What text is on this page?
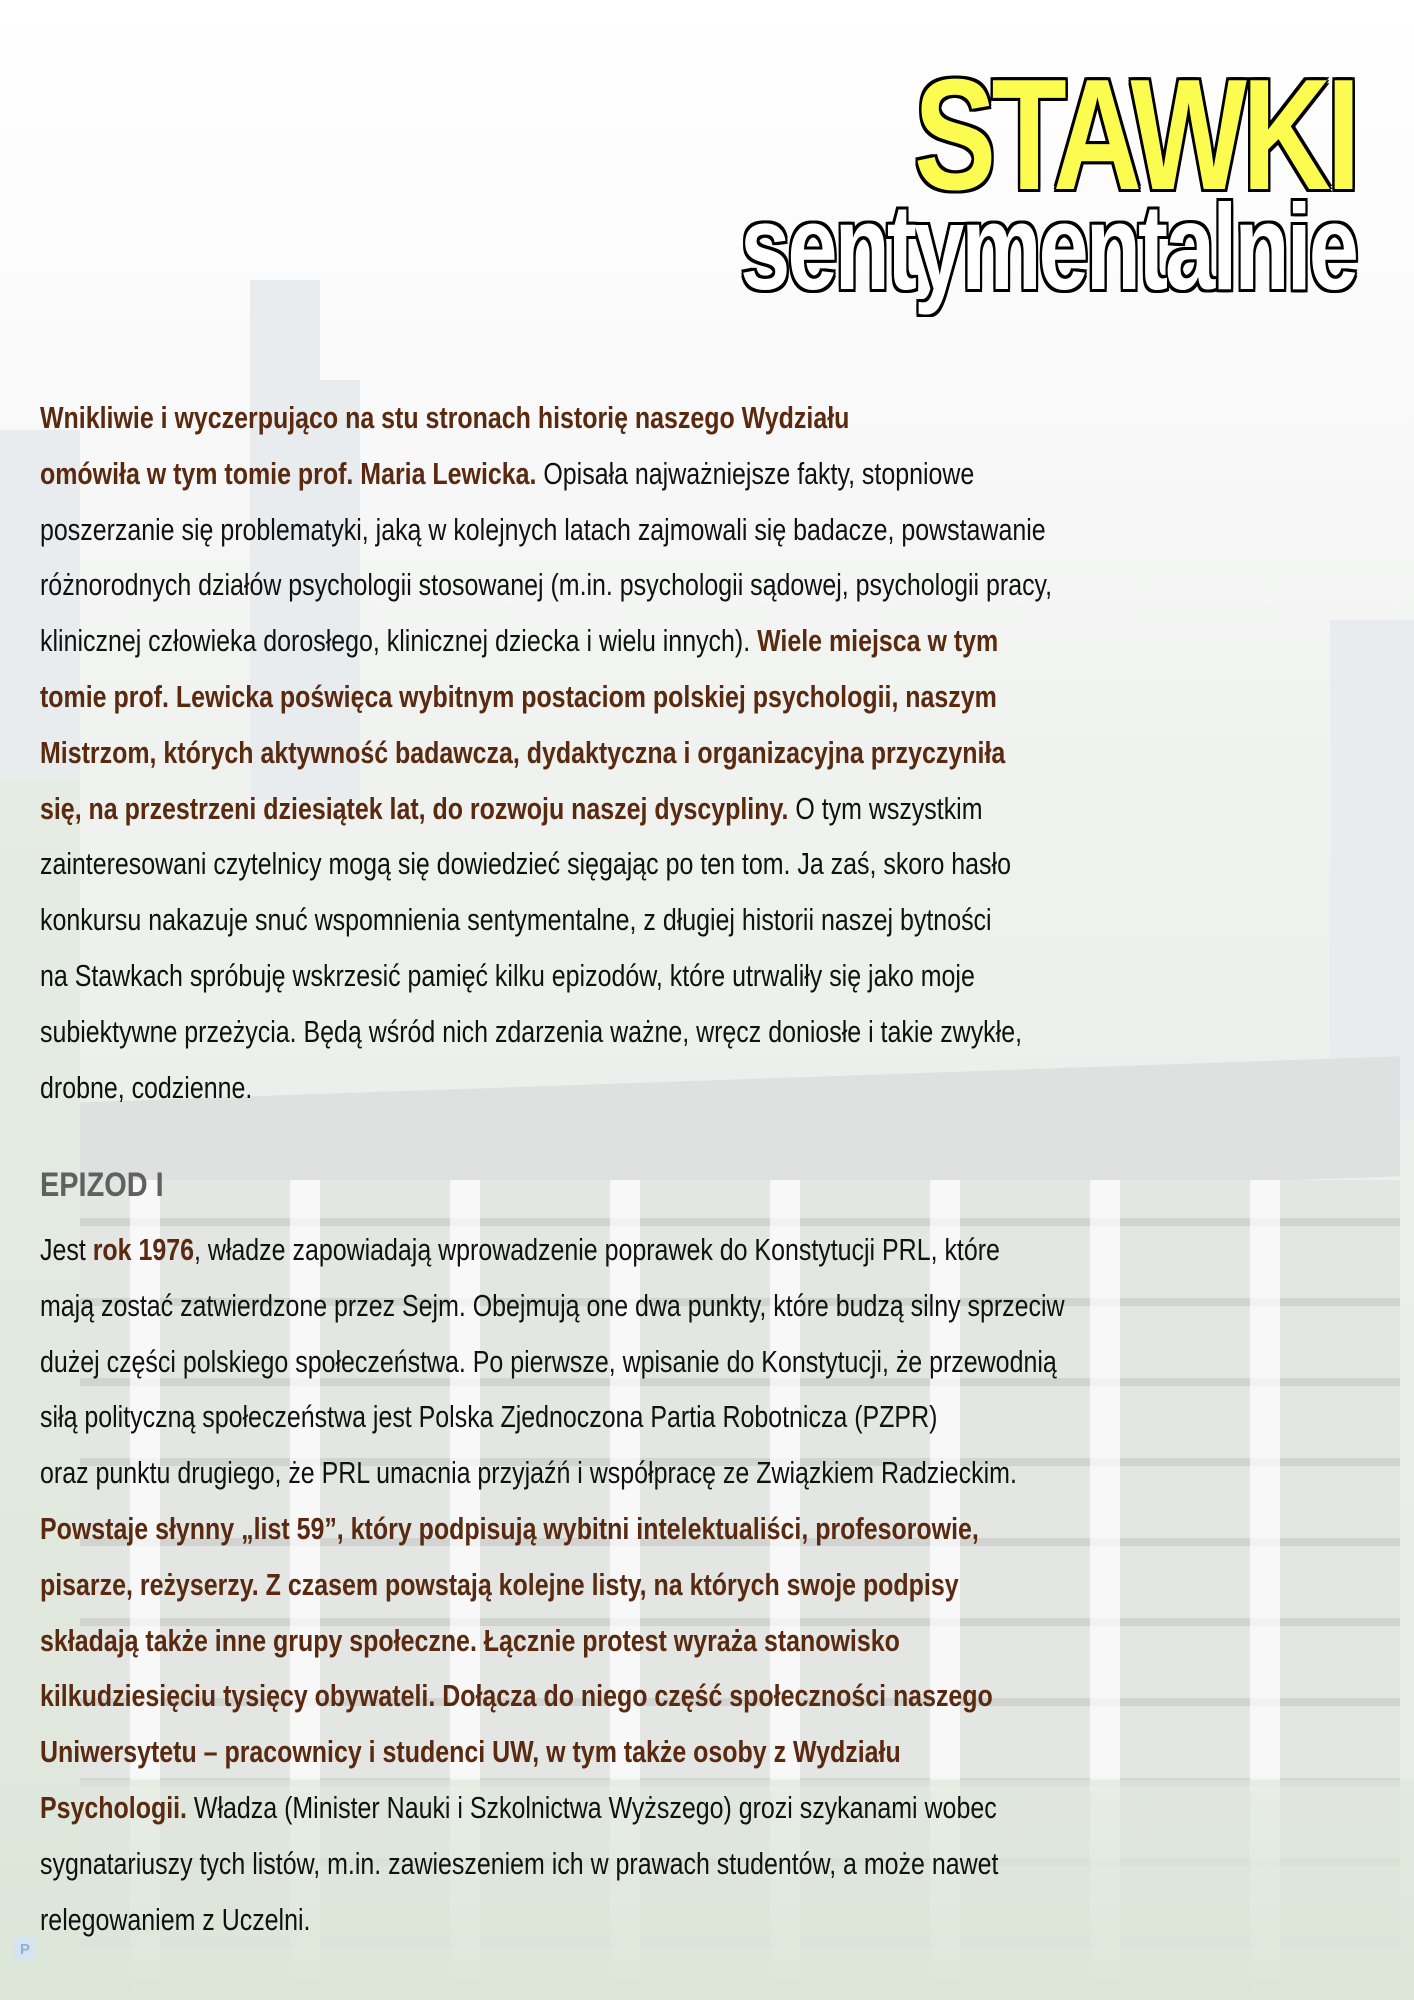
P
STAWKI
sentymentalnie
Wnikliwie i wyczerpująco na stu stronach historię naszego Wydziału
omówiła w tym tomie prof. Maria Lewicka. Opisała najważniejsze fakty, stopniowe
poszerzanie się problematyki, jaką w kolejnych latach zajmowali się badacze, powstawanie
różnorodnych działów psychologii stosowanej (m.in. psychologii sądowej, psychologii pracy,
klinicznej człowieka dorosłego, klinicznej dziecka i wielu innych). Wiele miejsca w tym
tomie prof. Lewicka poświęca wybitnym postaciom polskiej psychologii, naszym
Mistrzom, których aktywność badawcza, dydaktyczna i organizacyjna przyczyniła
się, na przestrzeni dziesiątek lat, do rozwoju naszej dyscypliny. O tym wszystkim
zainteresowani czytelnicy mogą się dowiedzieć sięgając po ten tom. Ja zaś, skoro hasło
konkursu nakazuje snuć wspomnienia sentymentalne, z długiej historii naszej bytności
na Stawkach spróbuję wskrzesić pamięć kilku epizodów, które utrwaliły się jako moje
subiektywne przeżycia. Będą wśród nich zdarzenia ważne, wręcz doniosłe i takie zwykłe,
drobne, codzienne.
EPIZOD I
Jest rok 1976, władze zapowiadają wprowadzenie poprawek do Konstytucji PRL, które
mają zostać zatwierdzone przez Sejm. Obejmują one dwa punkty, które budzą silny sprzeciw
dużej części polskiego społeczeństwa. Po pierwsze, wpisanie do Konstytucji, że przewodnią
siłą polityczną społeczeństwa jest Polska Zjednoczona Partia Robotnicza (PZPR)
oraz punktu drugiego, że PRL umacnia przyjaźń i współpracę ze Związkiem Radzieckim.
Powstaje słynny „list 59”, który podpisują wybitni intelektualiści, profesorowie,
pisarze, reżyserzy. Z czasem powstają kolejne listy, na których swoje podpisy
składają także inne grupy społeczne. Łącznie protest wyraża stanowisko
kilkudziesięciu tysięcy obywateli. Dołącza do niego część społeczności naszego
Uniwersytetu – pracownicy i studenci UW, w tym także osoby z Wydziału
Psychologii. Władza (Minister Nauki i Szkolnictwa Wyższego) grozi szykanami wobec
sygnatariuszy tych listów, m.in. zawieszeniem ich w prawach studentów, a może nawet
relegowaniem z Uczelni.
